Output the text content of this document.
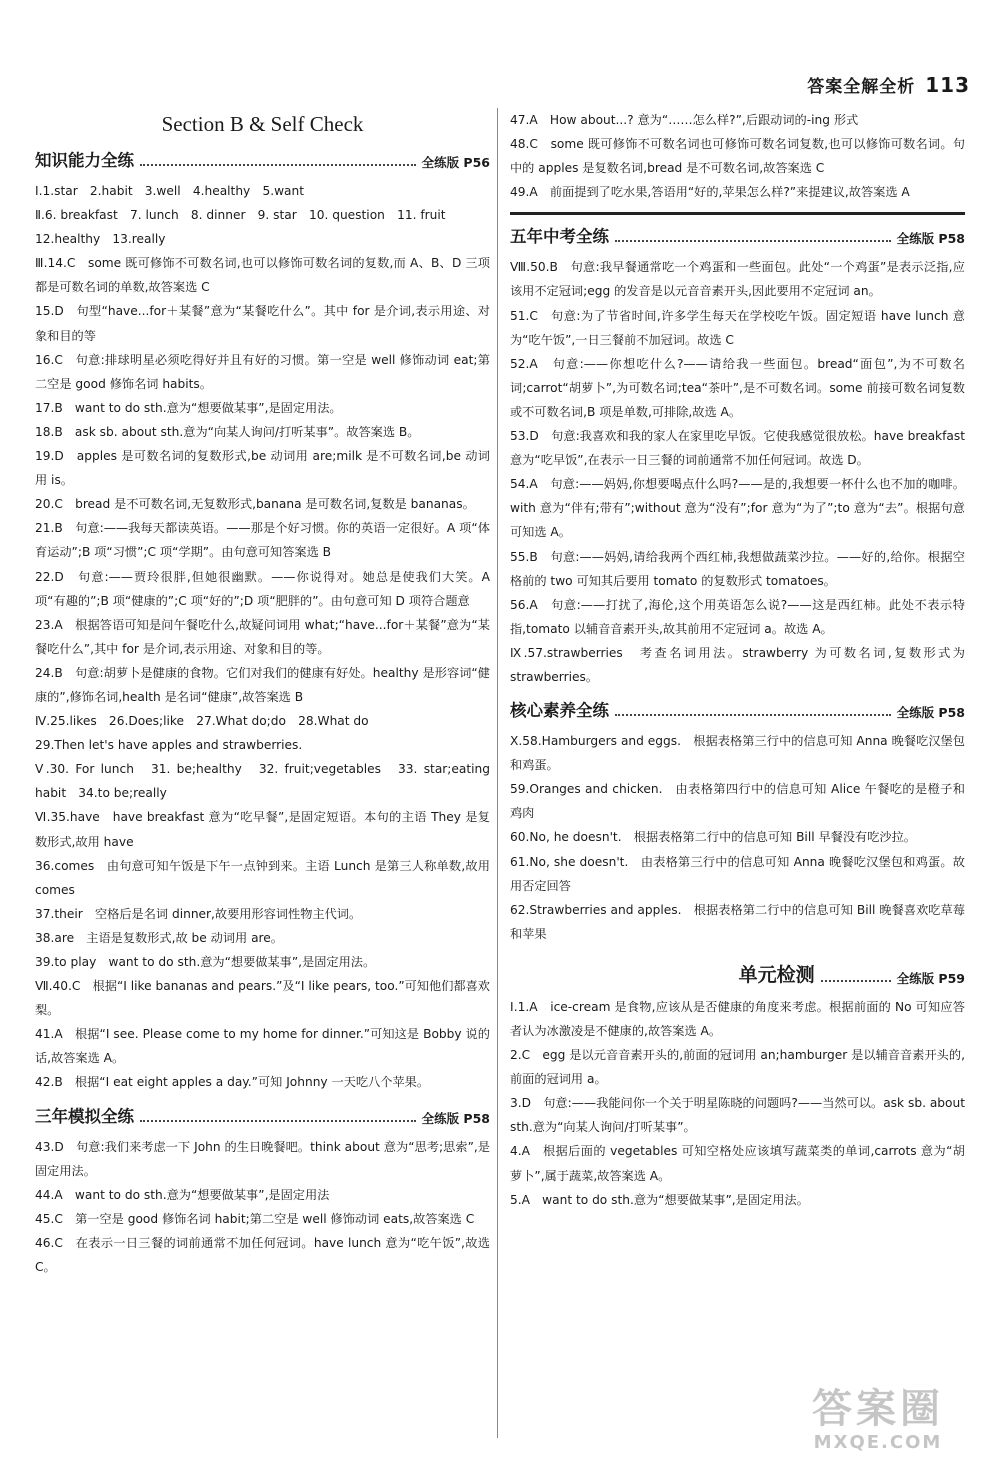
答案全解全析 113
Section B & Self Check
知识能力全练	全练版 P56

Ⅰ.1.star　2.habit　3.well　4.healthy　5.want

Ⅱ.6. breakfast　7. lunch　8. dinner　9. star　10. question　11. fruit

12.healthy　13.really

Ⅲ.14.C　some 既可修饰不可数名词,也可以修饰可数名词的复数,而 A、B、D 三项都是可数名词的单数,故答案选 C

15.D　句型“have...for＋某餐”意为“某餐吃什么”。其中 for 是介词,表示用途、对象和目的等

16.C　句意:排球明星必须吃得好并且有好的习惯。第一空是 well 修饰动词 eat;第二空是 good 修饰名词 habits。

17.B　want to do sth.意为“想要做某事”,是固定用法。

18.B　ask sb. about sth.意为“向某人询问/打听某事”。故答案选 B。

19.D　apples 是可数名词的复数形式,be 动词用 are;milk 是不可数名词,be 动词用 is。

20.C　bread 是不可数名词,无复数形式,banana 是可数名词,复数是 bananas。

21.B　句意:——我每天都读英语。——那是个好习惯。你的英语一定很好。A 项“体育运动”;B 项“习惯”;C 项“学期”。由句意可知答案选 B

22.D　句意:——贾玲很胖,但她很幽默。——你说得对。她总是使我们大笑。A 项“有趣的”;B 项“健康的”;C 项“好的”;D 项“肥胖的”。由句意可知 D 项符合题意

23.A　根据答语可知是问午餐吃什么,故疑问词用 what;“have...for＋某餐”意为“某餐吃什么”,其中 for 是介词,表示用途、对象和目的等。

24.B　句意:胡萝卜是健康的食物。它们对我们的健康有好处。healthy 是形容词“健康的”,修饰名词,health 是名词“健康”,故答案选 B

Ⅳ.25.likes　26.Does;like　27.What do;do　28.What do

29.Then let's have apples and strawberries.

Ⅴ.30. For lunch　31. be;healthy　32. fruit;vegetables　33. star;eating habit　34.to be;really

Ⅵ.35.have　have breakfast 意为“吃早餐”,是固定短语。本句的主语 They 是复数形式,故用 have

36.comes　由句意可知午饭是下午一点钟到来。主语 Lunch 是第三人称单数,故用 comes

37.their　空格后是名词 dinner,故要用形容词性物主代词。

38.are　主语是复数形式,故 be 动词用 are。

39.to play　want to do sth.意为“想要做某事”,是固定用法。

Ⅶ.40.C　根据“I like bananas and pears.”及“I like pears, too.”可知他们都喜欢梨。

41.A　根据“I see. Please come to my home for dinner.”可知这是 Bobby 说的话,故答案选 A。

42.B　根据“I eat eight apples a day.”可知 Johnny 一天吃八个苹果。

三年模拟全练	全练版 P58

43.D　句意:我们来考虑一下 John 的生日晚餐吧。think about 意为“思考;思索”,是固定用法。

44.A　want to do sth.意为“想要做某事”,是固定用法

45.C　第一空是 good 修饰名词 habit;第二空是 well 修饰动词 eats,故答案选 C

46.C　在表示一日三餐的词前通常不加任何冠词。have lunch 意为“吃午饭”,故选 C。

47.A　How about...? 意为“……怎么样?”,后跟动词的-ing 形式

48.C　some 既可修饰不可数名词也可修饰可数名词复数,也可以修饰可数名词。句中的 apples 是复数名词,bread 是不可数名词,故答案选 C

49.A　前面提到了吃水果,答语用“好的,苹果怎么样?”来提建议,故答案选 A

五年中考全练	全练版 P58

Ⅷ.50.B　句意:我早餐通常吃一个鸡蛋和一些面包。此处“一个鸡蛋”是表示泛指,应该用不定冠词;egg 的发音是以元音音素开头,因此要用不定冠词 an。

51.C　句意:为了节省时间,许多学生每天在学校吃午饭。固定短语 have lunch 意为“吃午饭”,一日三餐前不加冠词。故选 C

52.A　句意:——你想吃什么?——请给我一些面包。bread“面包”,为不可数名词;carrot“胡萝卜”,为可数名词;tea“茶叶”,是不可数名词。some 前接可数名词复数或不可数名词,B 项是单数,可排除,故选 A。

53.D　句意:我喜欢和我的家人在家里吃早饭。它使我感觉很放松。have breakfast 意为“吃早饭”,在表示一日三餐的词前通常不加任何冠词。故选 D。

54.A　句意:——妈妈,你想要喝点什么吗?——是的,我想要一杯什么也不加的咖啡。with 意为“伴有;带有”;without 意为“没有”;for 意为“为了”;to 意为“去”。根据句意可知选 A。

55.B　句意:——妈妈,请给我两个西红柿,我想做蔬菜沙拉。——好的,给你。根据空格前的 two 可知其后要用 tomato 的复数形式 tomatoes。

56.A　句意:——打扰了,海伦,这个用英语怎么说?——这是西红柿。此处不表示特指,tomato 以辅音音素开头,故其前用不定冠词 a。故选 A。

Ⅸ.57.strawberries　考查名词用法。strawberry 为可数名词,复数形式为 strawberries。

核心素养全练	全练版 P58

Ⅹ.58.Hamburgers and eggs.　根据表格第三行中的信息可知 Anna 晚餐吃汉堡包和鸡蛋。

59.Oranges and chicken.　由表格第四行中的信息可知 Alice 午餐吃的是橙子和鸡肉

60.No, he doesn't.　根据表格第二行中的信息可知 Bill 早餐没有吃沙拉。

61.No, she doesn't.　由表格第三行中的信息可知 Anna 晚餐吃汉堡包和鸡蛋。故用否定回答

62.Strawberries and apples.　根据表格第二行中的信息可知 Bill 晚餐喜欢吃草莓和苹果

单元检测	全练版 P59

Ⅰ.1.A　ice-cream 是食物,应该从是否健康的角度来考虑。根据前面的 No 可知应答者认为冰激凌是不健康的,故答案选 A。

2.C　egg 是以元音音素开头的,前面的冠词用 an;hamburger 是以辅音音素开头的,前面的冠词用 a。

3.D　句意:——我能问你一个关于明星陈晓的问题吗?——当然可以。ask sb. about sth.意为“向某人询问/打听某事”。

4.A　根据后面的 vegetables 可知空格处应该填写蔬菜类的单词,carrots 意为“胡萝卜”,属于蔬菜,故答案选 A。

5.A　want to do sth.意为“想要做某事”,是固定用法。

答案圈
MXQE.COM
